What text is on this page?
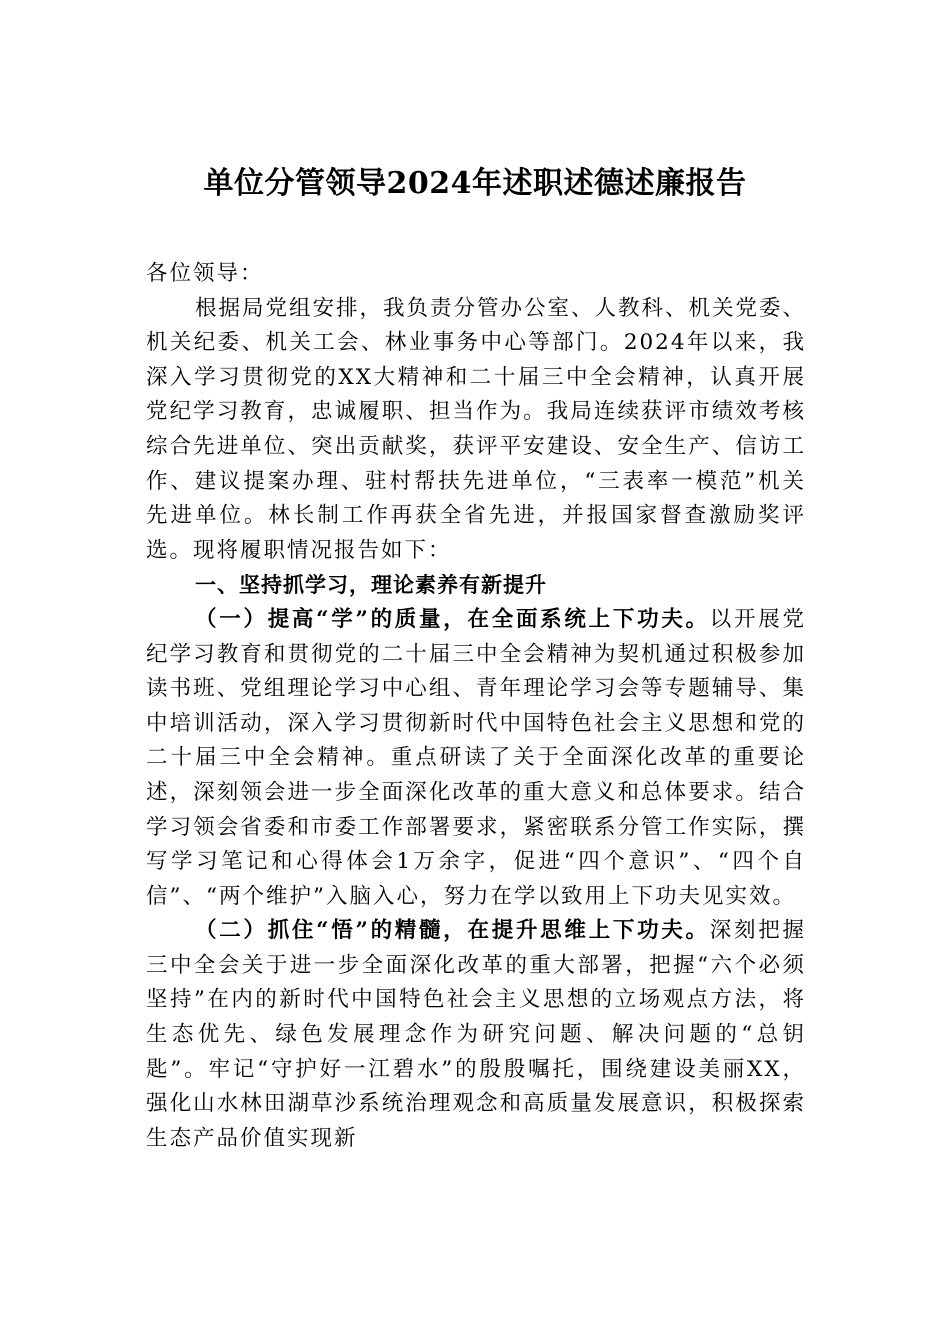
单位分管领导2024年述职述德述廉报告

各位领导：

根据局党组安排，我负责分管办公室、人教科、机关党委、机关纪委、机关工会、林业事务中心等部门。2024年以来，我深入学习贯彻党的XX大精神和二十届三中全会精神，认真开展党纪学习教育，忠诚履职、担当作为。我局连续获评市绩效考核综合先进单位、突出贡献奖，获评平安建设、安全生产、信访工作、建议提案办理、驻村帮扶先进单位，“三表率一模范”机关先进单位。林长制工作再获全省先进，并报国家督查激励奖评选。现将履职情况报告如下：

一、坚持抓学习，理论素养有新提升

（一）提高“学”的质量，在全面系统上下功夫。以开展党纪学习教育和贯彻党的二十届三中全会精神为契机通过积极参加读书班、党组理论学习中心组、青年理论学习会等专题辅导、集中培训活动，深入学习贯彻新时代中国特色社会主义思想和党的二十届三中全会精神。重点研读了关于全面深化改革的重要论述，深刻领会进一步全面深化改革的重大意义和总体要求。结合学习领会省委和市委工作部署要求，紧密联系分管工作实际，撰写学习笔记和心得体会1万余字，促进“四个意识”、“四个自信”、“两个维护”入脑入心，努力在学以致用上下功夫见实效。

（二）抓住“悟”的精髓，在提升思维上下功夫。深刻把握三中全会关于进一步全面深化改革的重大部署，把握“六个必须坚持”在内的新时代中国特色社会主义思想的立场观点方法，将生态优先、绿色发展理念作为研究问题、解决问题的“总钥匙”。牢记“守护好一江碧水”的殷殷嘱托，围绕建设美丽XX，强化山水林田湖草沙系统治理观念和高质量发展意识，积极探索生态产品价值实现新
